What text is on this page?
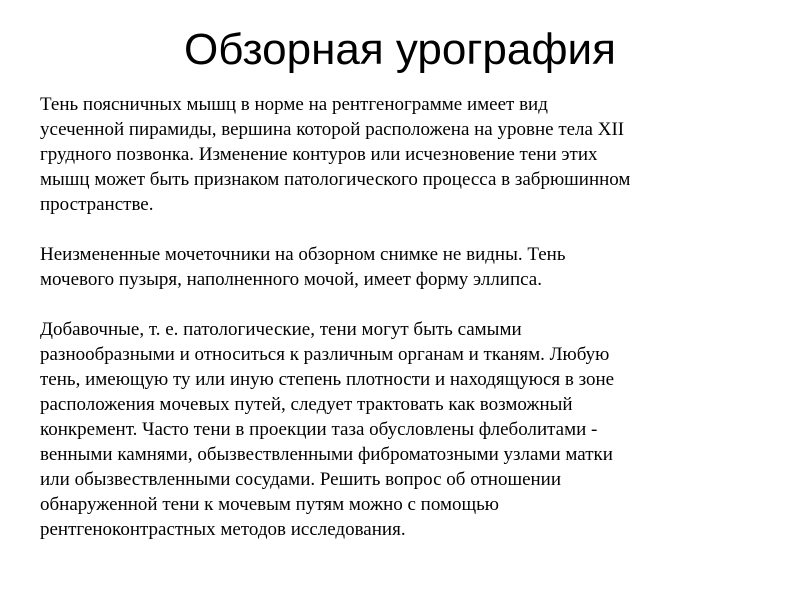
Обзорная урография

Тень поясничных мышц в норме на рентгенограмме имеет вид
усеченной пирамиды, вершина которой расположена на уровне тела XII
грудного позвонка. Изменение контуров или исчезновение тени этих
мышц может быть признаком патологического процесса в забрюшинном
пространстве.

Неизмененные мочеточники на обзорном снимке не видны. Тень
мочевого пузыря, наполненного мочой, имеет форму эллипса.

Добавочные, т. е. патологические, тени могут быть самыми
разнообразными и относиться к различным органам и тканям. Любую
тень, имеющую ту или иную степень плотности и находящуюся в зоне
расположения мочевых путей, следует трактовать как возможный
конкремент. Часто тени в проекции таза обусловлены флеболитами -
венными камнями, обызвествленными фиброматозными узлами матки
или обызвествленными сосудами. Решить вопрос об отношении
обнаруженной тени к мочевым путям можно с помощью
рентгеноконтрастных методов исследования.
